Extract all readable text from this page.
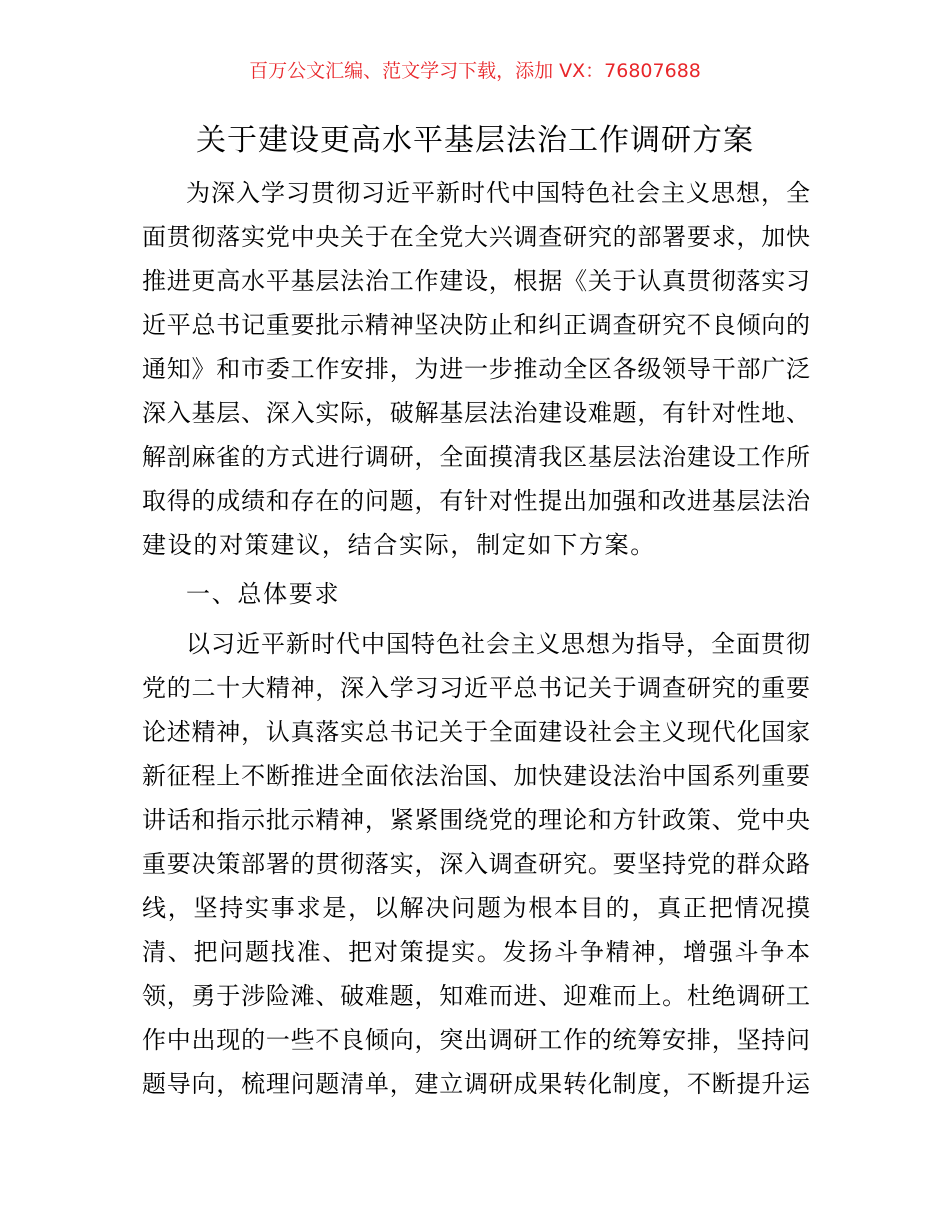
百万公文汇编、范文学习下载，添加 VX：76807688
关于建设更高水平基层法治工作调研方案
为深入学习贯彻习近平新时代中国特色社会主义思想，全
面贯彻落实党中央关于在全党大兴调查研究的部署要求，加快
推进更高水平基层法治工作建设，根据《关于认真贯彻落实习
近平总书记重要批示精神坚决防止和纠正调查研究不良倾向的
通知》和市委工作安排，为进一步推动全区各级领导干部广泛
深入基层、深入实际，破解基层法治建设难题，有针对性地、
解剖麻雀的方式进行调研，全面摸清我区基层法治建设工作所
取得的成绩和存在的问题，有针对性提出加强和改进基层法治
建设的对策建议，结合实际，制定如下方案。
一、总体要求
以习近平新时代中国特色社会主义思想为指导，全面贯彻
党的二十大精神，深入学习习近平总书记关于调查研究的重要
论述精神，认真落实总书记关于全面建设社会主义现代化国家
新征程上不断推进全面依法治国、加快建设法治中国系列重要
讲话和指示批示精神，紧紧围绕党的理论和方针政策、党中央
重要决策部署的贯彻落实，深入调查研究。要坚持党的群众路
线，坚持实事求是，以解决问题为根本目的，真正把情况摸
清、把问题找准、把对策提实。发扬斗争精神，增强斗争本
领，勇于涉险滩、破难题，知难而进、迎难而上。杜绝调研工
作中出现的一些不良倾向，突出调研工作的统筹安排，坚持问
题导向，梳理问题清单，建立调研成果转化制度，不断提升运
